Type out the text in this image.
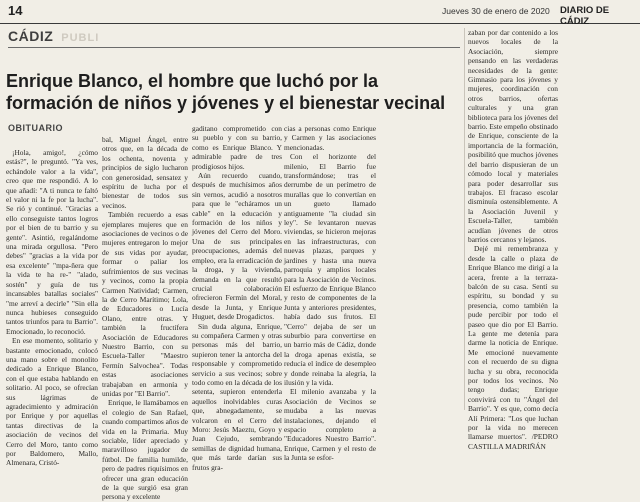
14	Jueves 30 de enero de 2020 DIARIO DE CÁDIZ
CÁDIZ PUBLI
Enrique Blanco, el hombre que luchó por la formación de niños y jóvenes y el bienestar vecinal
OBITUARIO

¡Hola, amigo!, ¿cómo estás?", le preguntó. "Ya ves, echándole valor a la vida", creo que me respondió. A lo que añadí: "A ti nunca te faltó el valor ni la fe por la lucha". Se rió y continué. "Gracias a ello conseguiste tantos logros por el bien de tu barrio y su gente". Asintió, regalándome una mirada orgullosa. "Pero debes" "gracias a la vida por esa excelente" "mpa-ñera que la vida te ha re-" "alado, sostén" y guía de tus incansables batallas sociales" "me arreví a decirle" "Sin ella nunca hubieses conseguido tantos triunfos para tu Barrio". Emocionado, lo reconoció.

En ese momento, solitario y bastante emocionado, colocó una mano sobre el monolito dedicado a Enrique Blanco, con el que estaba hablando en solitario. Al poco, se ofrecían sus lágrimas de agradecimiento y admiración por Enrique y por aquellas tantas directivas de la asociación de vecinos del Cerro del Moro, tanto como por Baldomero, Mallo, Almenara, Cristó-

bal, Miguel Ángel, entre otros que, en la década de los ochenta, noventa y principios de siglo lucharon con generosidad, sensatez y espíritu de lucha por el bienestar de todos sus vecinos.

También recuerdo a esas ejemplares mujeres que en asociaciones de vecinos o de mujeres entregaron lo mejor de sus vidas por ayudar, formar o paliar los sufrimientos de sus vecinas y vecinos, como la propia Carmen Natividad; Carmen, la de Cerro Marítimo; Lola, de Educadores o Lucía Olano, entre otras. Y también la fructífera Asociación de Educadores Nuestro Barrio, con su Escuela-Taller "Maestro Fermín Salvochea". Todas estas asociaciones trabajaban en armonía y unidas por "El Barrio".

Enrique, le llamábamos en el colegio de San Rafael, cuando compartimos años de vida en la Primaria. Muy sociable, líder apreciado y maravilloso jugador de fútbol. De familia humilde, pero de padres riquísimos en ofrecer una gran educación de la que surgió esa gran persona y excelente

gaditano comprometido con su pueblo y con su barrio, como es Enrique Blanco. Y admirable padre de tres prodigiosos hijos.

Aún recuerdo cuando, después de muchísimos años sin vernos, acudió a nosotros para que le "echáramos un cable" en la educación y formación de los niños y jóvenes del Cerro del Moro. Una de sus principales preocupaciones, además del empleo, era la erradicación de la droga, y la vivienda, demanda en la que resultó crucial colaboración ofrecieron Fermín del Moral, desde la Junta, y Enrique Huguet, desde Drogadictos.

Sin duda alguna, Enrique, su compañera Carmen y otras personas más del barrio, supieron tener la antorcha del responsable y comprometido servicio a sus vecinos; sobre todo como en la década de los setenta, supieron entenderla aquellos inolvidables curas que, abnegadamente, se volcaron en el Cerro del Moro: Jesús Maeztu, Goyo y Juan Cejudo, sembrando semillas de dignidad humana, que más tarde darían sus frutos gra-

cias a personas como Enrique y Carmen y las asociaciones mencionadas.

Con el horizonte del milenio, El Barrio fue transformándose; tras el derrumbe de un perímetro de murallas que lo convertían en un gueto llamado antiguamente "la ciudad sin ley". Se levantaron nuevas viviendas, se hicieron mejoras en las infraestructuras, con nuevas plazas, parques y jardines y hasta una nueva parroquia y amplios locales para la Asociación de Vecinos. El esfuerzo de Enrique Blanco y resto de componentes de la Junta y anteriores presidentes, había dado sus frutos. El "Cerro" dejaba de ser un suburbio para convertirse en un barrio más de Cádiz, donde la droga apenas existía, se reducía el índice de desempleo y donde reinaba la alegría, la ilusión y la vida.

El milenio avanzaba y la Asociación de Vecinos se mudaba a las nuevas instalaciones, dejando el espacio completo a "Educadores Nuestro Barrio". Enrique, Carmen y el resto de la Junta se esfor-

zaban por dar contenido a los nuevos locales de la Asociación, siempre pensando en las verdaderas necesidades de la gente: Gimnasio para los jóvenes y mujeres, coordinación con otros barrios, ofertas culturales y una gran biblioteca para los jóvenes del barrio. Este empeño obstinado de Enrique, consciente de la importancia de la formación, posibilitó que muchos jóvenes del barrio dispusieran de un cómodo local y materiales para poder desarrollar sus trabajos. El fracaso escolar disminuía ostensiblemente. A la Asociación Juvenil y Escuela-Taller, también acudían jóvenes de otros barrios cercanos y lejanos.

Dejé mi remembranza y desde la calle o plaza de Enrique Blanco me dirigí a la acera, frente a la terraza-balcón de su casa. Sentí su espíritu, su bondad y su presencia, como también la pude percibir por todo el paseo que dio por El Barrio. La gente me detenía para darme la noticia de Enrique. Me emocioné nuevamente con el recuerdo de su digna lucha y su obra, reconocida por todos los vecinos. No tengo dudas; Enrique convivirá con tu "Ángel del Barrio". Y es que, como decía Alí Primera: "Los que luchan por la vida no merecen llamarse muertos". /PEDRO CASTILLA MADRIÑÁN
